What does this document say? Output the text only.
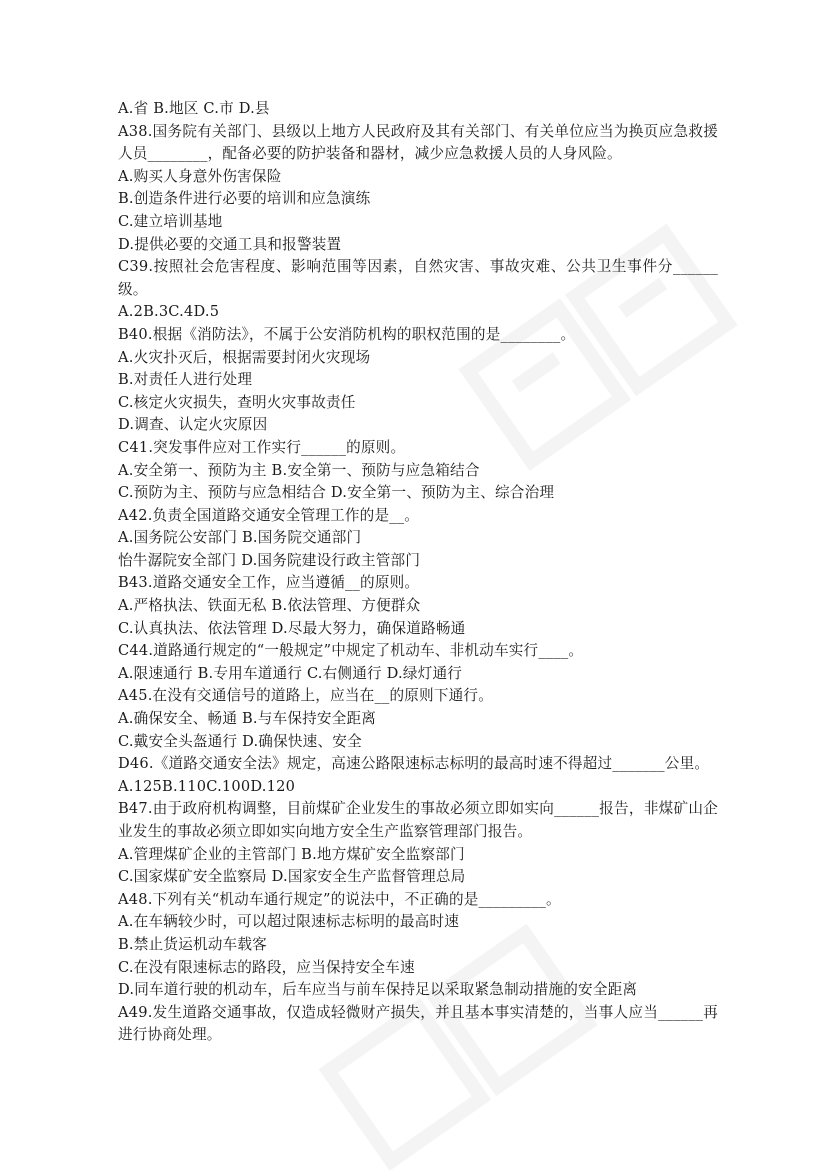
A.省 B.地区 C.市 D.县
A38.国务院有关部门、县级以上地方人民政府及其有关部门、有关单位应当为换页应急救援人员________，配备必要的防护装备和器材，减少应急救援人员的人身风险。
A.购买人身意外伤害保险
B.创造条件进行必要的培训和应急演练
C.建立培训基地
D.提供必要的交通工具和报警装置
C39.按照社会危害程度、影响范围等因素，自然灾害、事故灾难、公共卫生事件分______级。
A.2B.3C.4D.5
B40.根据《消防法》，不属于公安消防机构的职权范围的是________。
A.火灾扑灭后，根据需要封闭火灾现场
B.对责任人进行处理
C.核定火灾损失，查明火灾事故责任
D.调查、认定火灾原因
C41.突发事件应对工作实行______的原则。
A.安全第一、预防为主 B.安全第一、预防与应急箱结合
C.预防为主、预防与应急相结合 D.安全第一、预防为主、综合治理
A42.负责全国道路交通安全管理工作的是__。
A.国务院公安部门 B.国务院交通部门
怡牛潺院安全部门 D.国务院建设行政主管部门
B43.道路交通安全工作，应当遵循__的原则。
A.严格执法、铁面无私 B.依法管理、方便群众
C.认真执法、依法管理 D.尽最大努力，确保道路畅通
C44.道路通行规定的“一般规定”中规定了机动车、非机动车实行____。
A.限速通行 B.专用车道通行 C.右侧通行 D.绿灯通行
A45.在没有交通信号的道路上，应当在__的原则下通行。
A.确保安全、畅通 B.与车保持安全距离
C.戴安全头盔通行 D.确保快速、安全
D46.《道路交通安全法》规定，高速公路限速标志标明的最高时速不得超过_______公里。
A.125B.110C.100D.120
B47.由于政府机构调整，目前煤矿企业发生的事故必须立即如实向______报告，非煤矿山企业发生的事故必须立即如实向地方安全生产监察管理部门报告。
A.管理煤矿企业的主管部门 B.地方煤矿安全监察部门
C.国家煤矿安全监察局 D.国家安全生产监督管理总局
A48.下列有关“机动车通行规定”的说法中，不正确的是_________。
A.在车辆较少时，可以超过限速标志标明的最高时速
B.禁止货运机动车载客
C.在没有限速标志的路段，应当保持安全车速
D.同车道行驶的机动车，后车应当与前车保持足以采取紧急制动措施的安全距离
A49.发生道路交通事故，仅造成轻微财产损失，并且基本事实清楚的，当事人应当______再进行协商处理。
